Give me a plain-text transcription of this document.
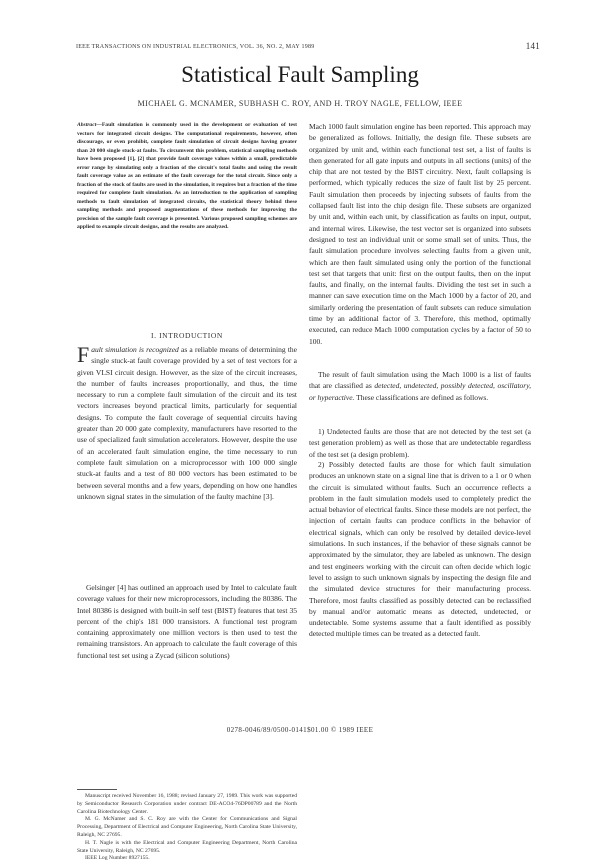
IEEE TRANSACTIONS ON INDUSTRIAL ELECTRONICS, VOL. 36, NO. 2, MAY 1989	141
Statistical Fault Sampling
MICHAEL G. MCNAMER, SUBHASH C. ROY, AND H. TROY NAGLE, FELLOW, IEEE

Abstract—Fault simulation is commonly used in the development or evaluation of test vectors for integrated circuit designs. The computational requirements, however, often discourage, or even prohibit, complete fault simulation of circuit designs having greater than 20 000 single stuck-at faults. To circumvent this problem, statistical sampling methods have been proposed [1], [2] that provide fault coverage values within a small, predictable error range by simulating only a fraction of the circuit's total faults and using the result fault coverage value as an estimate of the fault coverage for the total circuit. Since only a fraction of the stock of faults are used in the simulation, it requires but a fraction of the time required for complete fault simulation. As an introduction to the application of sampling methods to fault simulation of integrated circuits, the statistical theory behind these sampling methods and proposed augmentations of these methods for improving the precision of the sample fault coverage is presented. Various proposed sampling schemes are applied to example circuit designs, and the results are analyzed.

I. INTRODUCTION

Fault simulation is recognized as a reliable means of determining the single stuck-at fault coverage provided by a set of test vectors for a given VLSI circuit design. However, as the size of the circuit increases, the number of faults increases proportionally, and thus, the time necessary to run a complete fault simulation of the circuit and its test vectors increases beyond practical limits, particularly for sequential designs. To compute the fault coverage of sequential circuits having greater than 20 000 gate complexity, manufacturers have resorted to the use of specialized fault simulation accelerators. However, despite the use of an accelerated fault simulation engine, the time necessary to run complete fault simulation on a microprocessor with 100 000 single stuck-at faults and a test of 80 000 vectors has been estimated to be between several months and a few years, depending on how one handles unknown signal states in the simulation of the faulty machine [3].

Gelsinger [4] has outlined an approach used by Intel to calculate fault coverage values for their new microprocessors, including the 80386. The Intel 80386 is designed with built-in self test (BIST) features that test 35 percent of the chip's 181 000 transistors. A functional test program containing approximately one million vectors is then used to test the remaining transistors. An approach to calculate the fault coverage of this functional test set using a Zycad (silicon solutions)

Manuscript received November 16, 1988; revised January 27, 1989. This work was supported by Semiconductor Research Corporation under contract DE-ACO4-76DP00789 and the North Carolina Biotechnology Center.

M. G. McNamer and S. C. Roy are with the Center for Communications and Signal Processing, Department of Electrical and Computer Engineering, North Carolina State University, Raleigh, NC 27695.

H. T. Nagle is with the Electrical and Computer Engineering Department, North Carolina State University, Raleigh, NC 27695.

IEEE Log Number 8927155.

Mach 1000 fault simulation engine has been reported. This approach may be generalized as follows. Initially, the design file. These subsets are organized by unit and, within each functional test set, a list of faults is then generated for all gate inputs and outputs in all sections (units) of the chip that are not tested by the BIST circuitry. Next, fault collapsing is performed, which typically reduces the size of fault list by 25 percent. Fault simulation then proceeds by injecting subsets of faults from the collapsed fault list into the chip design file. These subsets are organized by unit and, within each unit, by classification as faults on input, output, and internal wires. Likewise, the test vector set is organized into subsets designed to test an individual unit or some small set of units. Thus, the fault simulation procedure involves selecting faults from a given unit, which are then fault simulated using only the portion of the functional test set that targets that unit: first on the output faults, then on the input faults, and finally, on the internal faults. Dividing the test set in such a manner can save execution time on the Mach 1000 by a factor of 20, and similarly ordering the presentation of fault subsets can reduce simulation time by an additional factor of 3. Therefore, this method, optimally executed, can reduce Mach 1000 computation cycles by a factor of 50 to 100.

The result of fault simulation using the Mach 1000 is a list of faults that are classified as detected, undetected, possibly detected, oscillatory, or hyperactive. These classifications are defined as follows.

1) Undetected faults are those that are not detected by the test set (a test generation problem) as well as those that are undetectable regardless of the test set (a design problem).

2) Possibly detected faults are those for which fault simulation produces an unknown state on a signal line that is driven to a 1 or 0 when the circuit is simulated without faults. Such an occurrence reflects a problem in the fault simulation models used to completely predict the actual behavior of electrical faults. Since these models are not perfect, the injection of certain faults can produce conflicts in the behavior of electrical signals, which can only be resolved by detailed device-level simulations. In such instances, if the behavior of these signals cannot be approximated by the simulator, they are labeled as unknown. The design and test engineers working with the circuit can often decide which logic level to assign to such unknown signals by inspecting the design file and the simulated device structures for their manufacturing process. Therefore, most faults classified as possibly detected can be reclassified by manual and/or automatic means as detected, undetected, or undetectable. Some systems assume that a fault identified as possibly detected multiple times can be treated as a detected fault.

0278-0046/89/0500-0141$01.00 © 1989 IEEE
